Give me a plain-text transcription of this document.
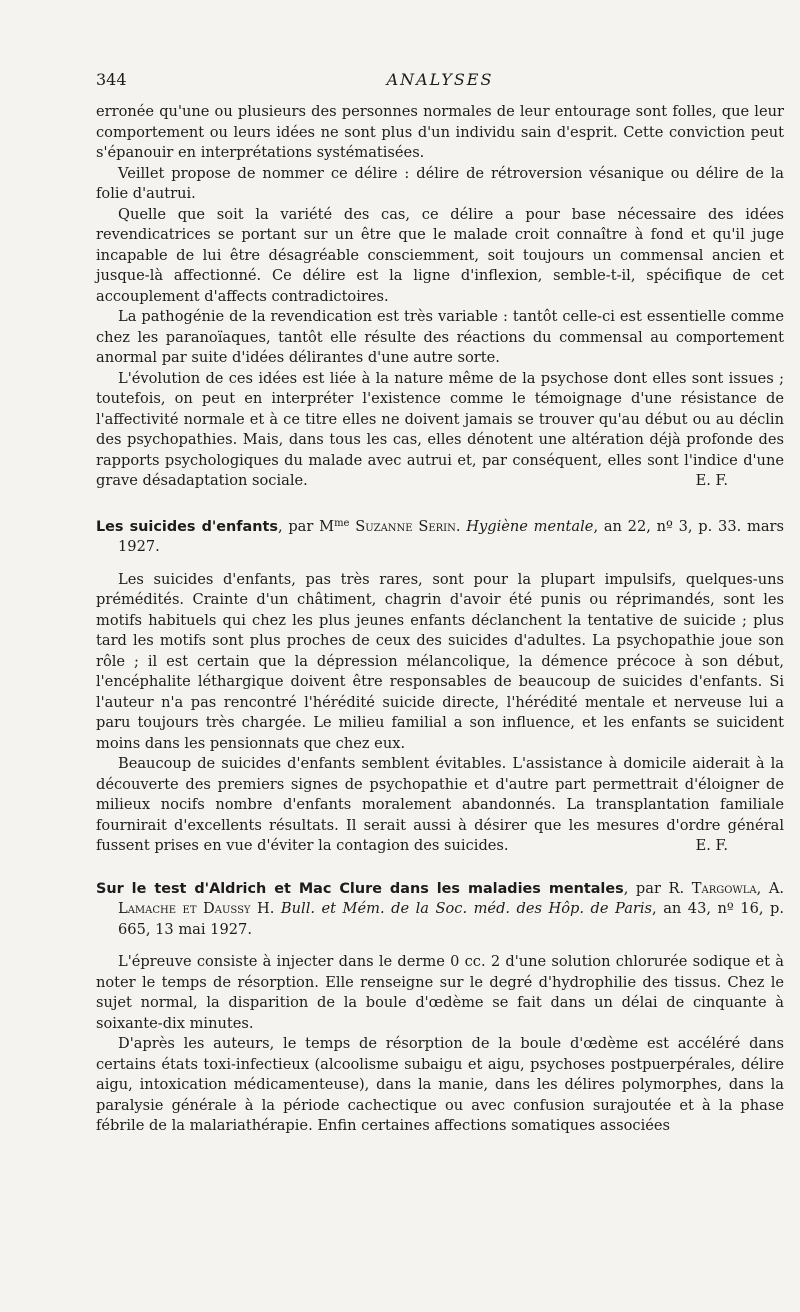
344	ANALYSES

erronée qu'une ou plusieurs des personnes normales de leur entourage sont folles, que leur comportement ou leurs idées ne sont plus d'un individu sain d'esprit. Cette conviction peut s'épanouir en interprétations systématisées.

Veillet propose de nommer ce délire : délire de rétroversion vésanique ou délire de la folie d'autrui.

Quelle que soit la variété des cas, ce délire a pour base nécessaire des idées revendicatrices se portant sur un être que le malade croit connaître à fond et qu'il juge incapable de lui être désagréable consciemment, soit toujours un commensal ancien et jusque-là affectionné. Ce délire est la ligne d'inflexion, semble-t-il, spécifique de cet accouplement d'affects contradictoires.

La pathogénie de la revendication est très variable : tantôt celle-ci est essentielle comme chez les paranoïaques, tantôt elle résulte des réactions du commensal au comportement anormal par suite d'idées délirantes d'une autre sorte.

L'évolution de ces idées est liée à la nature même de la psychose dont elles sont issues ; toutefois, on peut en interpréter l'existence comme le témoignage d'une résistance de l'affectivité normale et à ce titre elles ne doivent jamais se trouver qu'au début ou au déclin des psychopathies. Mais, dans tous les cas, elles dénotent une altération déjà profonde des rapports psychologiques du malade avec autrui et, par conséquent, elles sont l'indice d'une grave désadaptation sociale.	E. F.

Les suicides d'enfants, par $M^{me}$ Suzanne Serin. Hygiène mentale, an 22, nº 3, p. 33. mars 1927.

Les suicides d'enfants, pas très rares, sont pour la plupart impulsifs, quelques-uns prémédités. Crainte d'un châtiment, chagrin d'avoir été punis ou réprimandés, sont les motifs habituels qui chez les plus jeunes enfants déclanchent la tentative de suicide ; plus tard les motifs sont plus proches de ceux des suicides d'adultes. La psychopathie joue son rôle ; il est certain que la dépression mélancolique, la démence précoce à son début, l'encéphalite léthargique doivent être responsables de beaucoup de suicides d'enfants. Si l'auteur n'a pas rencontré l'hérédité suicide directe, l'hérédité mentale et nerveuse lui a paru toujours très chargée. Le milieu familial a son influence, et les enfants se suicident moins dans les pensionnats que chez eux.

Beaucoup de suicides d'enfants semblent évitables. L'assistance à domicile aiderait à la découverte des premiers signes de psychopathie et d'autre part permettrait d'éloigner de milieux nocifs nombre d'enfants moralement abandonnés. La transplantation familiale fournirait d'excellents résultats. Il serait aussi à désirer que les mesures d'ordre général fussent prises en vue d'éviter la contagion des suicides.	E. F.

Sur le test d'Aldrich et Mac Clure dans les maladies mentales, par R. Targowla, A. Lamache et Daussy H. Bull. et Mém. de la Soc. méd. des Hôp. de Paris, an 43, nº 16, p. 665, 13 mai 1927.

L'épreuve consiste à injecter dans le derme 0 cc. 2 d'une solution chlorurée sodique et à noter le temps de résorption. Elle renseigne sur le degré d'hydrophilie des tissus. Chez le sujet normal, la disparition de la boule d'œdème se fait dans un délai de cinquante à soixante-dix minutes.

D'après les auteurs, le temps de résorption de la boule d'œdème est accéléré dans certains états toxi-infectieux (alcoolisme subaigu et aigu, psychoses postpuerpérales, délire aigu, intoxication médicamenteuse), dans la manie, dans les délires polymorphes, dans la paralysie générale à la période cachectique ou avec confusion surajoutée et à la phase fébrile de la malariathérapie. Enfin certaines affections somatiques associées
